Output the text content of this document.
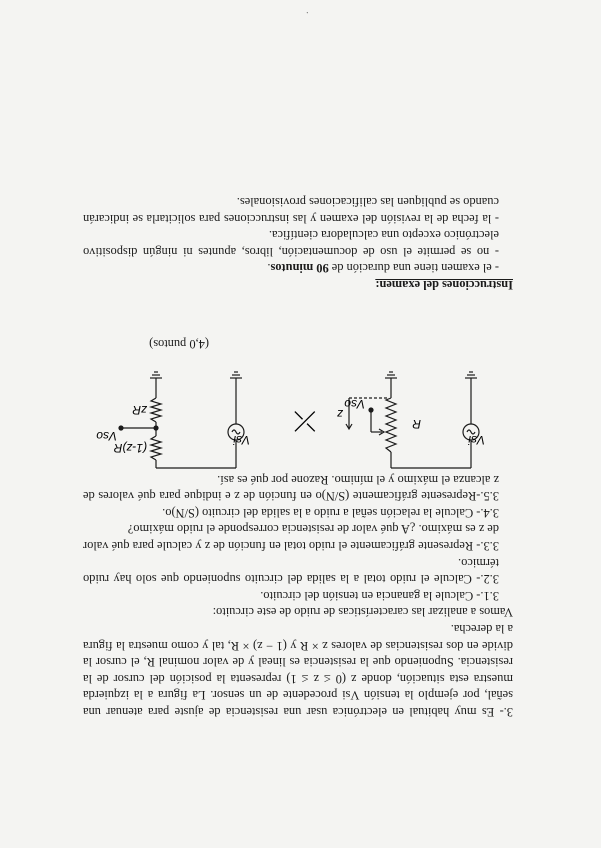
3.- Es muy habitual en electrónica usar una resistencia de ajuste para atenuar una señal, por ejemplo la tensión Vsi procedente de un sensor. La figura a la izquierda muestra esta situación, donde z (0 ≤ z ≤ 1) representa la posición del cursor de la resistencia. Suponiendo que la resistencia es lineal y de valor nominal R, el cursor la divide en dos resistencias de valores z × R y (1 − z) × R, tal y como muestra la figura a la derecha.

Vamos a analizar las características de ruido de este circuito:

3.1.- Calcule la ganancia en tensión del circuito.

3.2.- Calcule el ruido total a la salida del circuito suponiendo que solo hay ruido térmico.

3.3.- Represente gráficamente el ruido total en función de z y calcule para qué valor de z es máximo. ¿A qué valor de resistencia corresponde el ruido máximo?

3.4.- Calcule la relación señal a ruido a la salida del circuito (S/N)o.

3.5.-Represente gráficamente (S/N)o en función de z e indique para qué valores de z alcanza el máximo y el mínimo. Razone por qué es así.

Vsi
R
z
Vso
⤫
Vsi
(1-z)R
zR
Vso
(4,0 puntos)

Instrucciones del examen:

- el examen tiene una duración de 90 minutos.

- no se permite el uso de documentación, libros, apuntes ni ningún dispositivo electrónico excepto una calculadora científica.

- la fecha de la revisión del examen y las instrucciones para solicitarla se indicarán cuando se publiquen las calificaciones provisionales.

·
